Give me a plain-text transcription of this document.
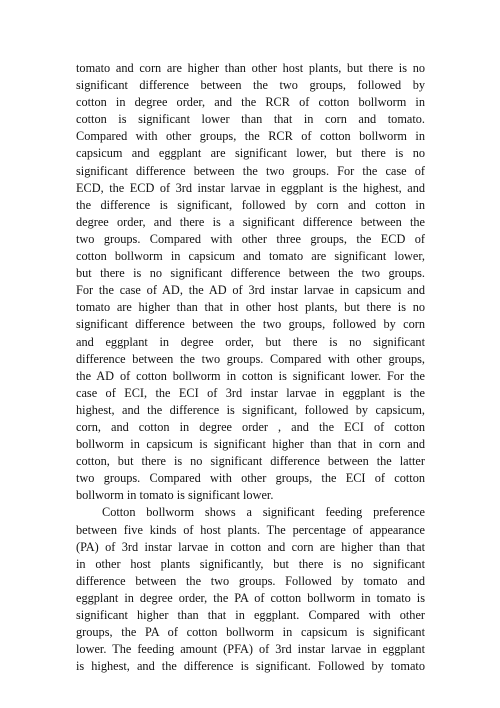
tomato and corn are higher than other host plants, but there is no
significant difference between the two groups, followed by
cotton in degree order, and the RCR of cotton bollworm in
cotton is significant lower than that in corn and tomato.
Compared with other groups, the RCR of cotton bollworm in
capsicum and eggplant are significant lower, but there is no
significant difference between the two groups. For the case of
ECD, the ECD of 3rd instar larvae in eggplant is the highest, and
the difference is significant, followed by corn and cotton in
degree order, and there is a significant difference between the
two groups. Compared with other three groups, the ECD of
cotton bollworm in capsicum and tomato are significant lower,
but there is no significant difference between the two groups.
For the case of AD, the AD of 3rd instar larvae in capsicum and
tomato are higher than that in other host plants, but there is no
significant difference between the two groups, followed by corn
and eggplant in degree order, but there is no significant
difference between the two groups. Compared with other groups,
the AD of cotton bollworm in cotton is significant lower. For the
case of ECI, the ECI of 3rd instar larvae in eggplant is the
highest, and the difference is significant, followed by capsicum,
corn, and cotton in degree order , and the ECI of cotton
bollworm in capsicum is significant higher than that in corn and
cotton, but there is no significant difference between the latter
two groups. Compared with other groups, the ECI of cotton
bollworm in tomato is significant lower.
Cotton bollworm shows a significant feeding preference
between five kinds of host plants. The percentage of appearance
(PA) of 3rd instar larvae in cotton and corn are higher than that
in other host plants significantly, but there is no significant
difference between the two groups. Followed by tomato and
eggplant in degree order, the PA of cotton bollworm in tomato is
significant higher than that in eggplant. Compared with other
groups, the PA of cotton bollworm in capsicum is significant
lower. The feeding amount (PFA) of 3rd instar larvae in eggplant
is highest, and the difference is significant. Followed by tomato
